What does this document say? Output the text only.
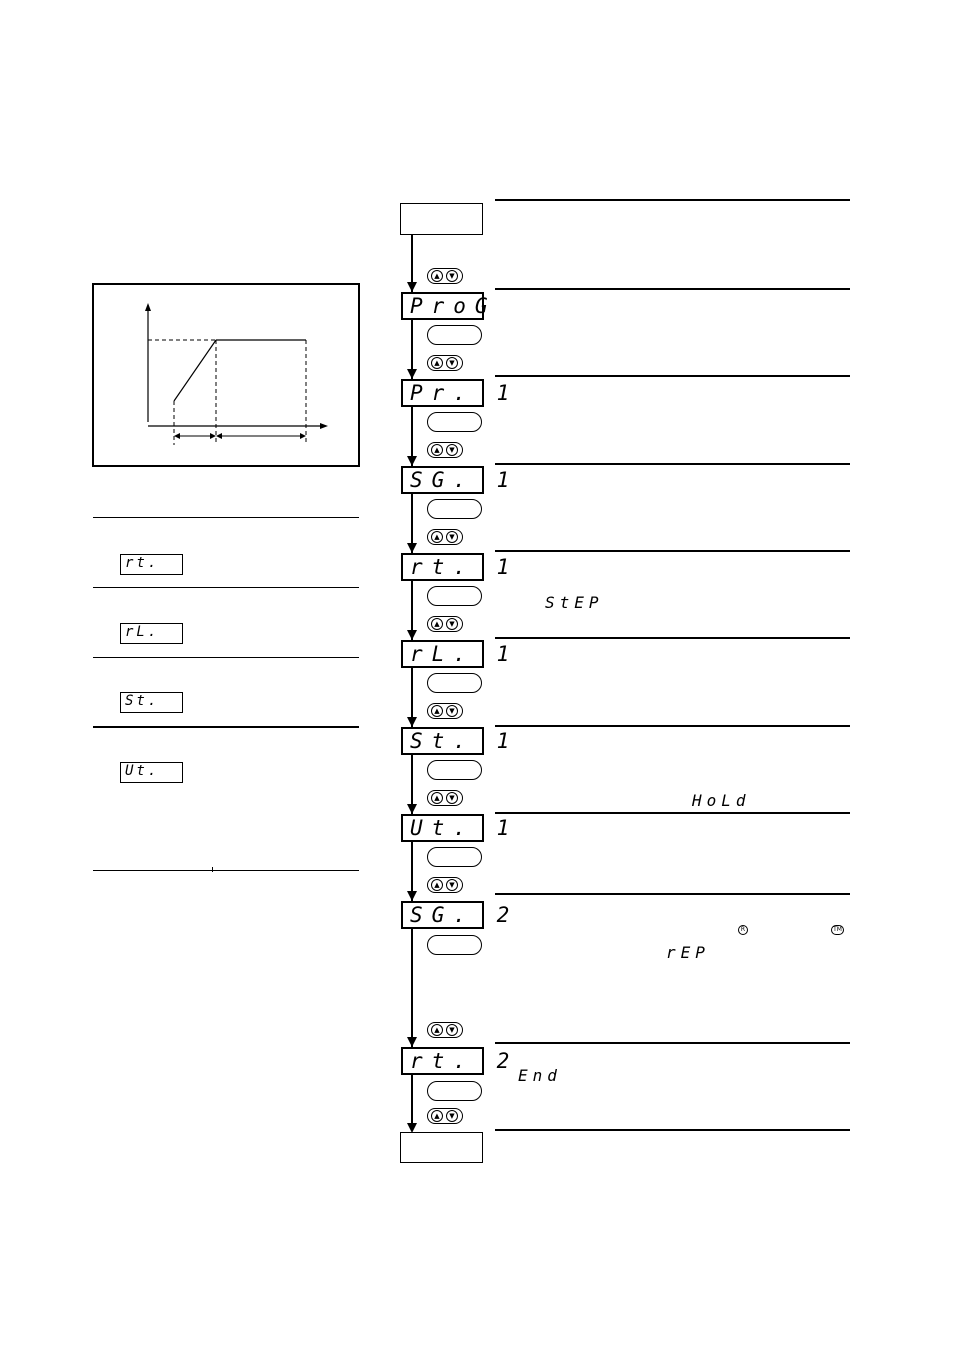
rt.
rL.
St.
Ut.
▲	▼
▲	▼
▲	▼
▲	▼
▲	▼
▲	▼
▲	▼
▲	▼
▲	▼
▲	▼
ProG
Pr. 1
SG. 1
rt. 1
rL. 1
St. 1
Ut. 1
SG. 2
rt. 2
StEP
HoLd
rEP
End
R	TM
